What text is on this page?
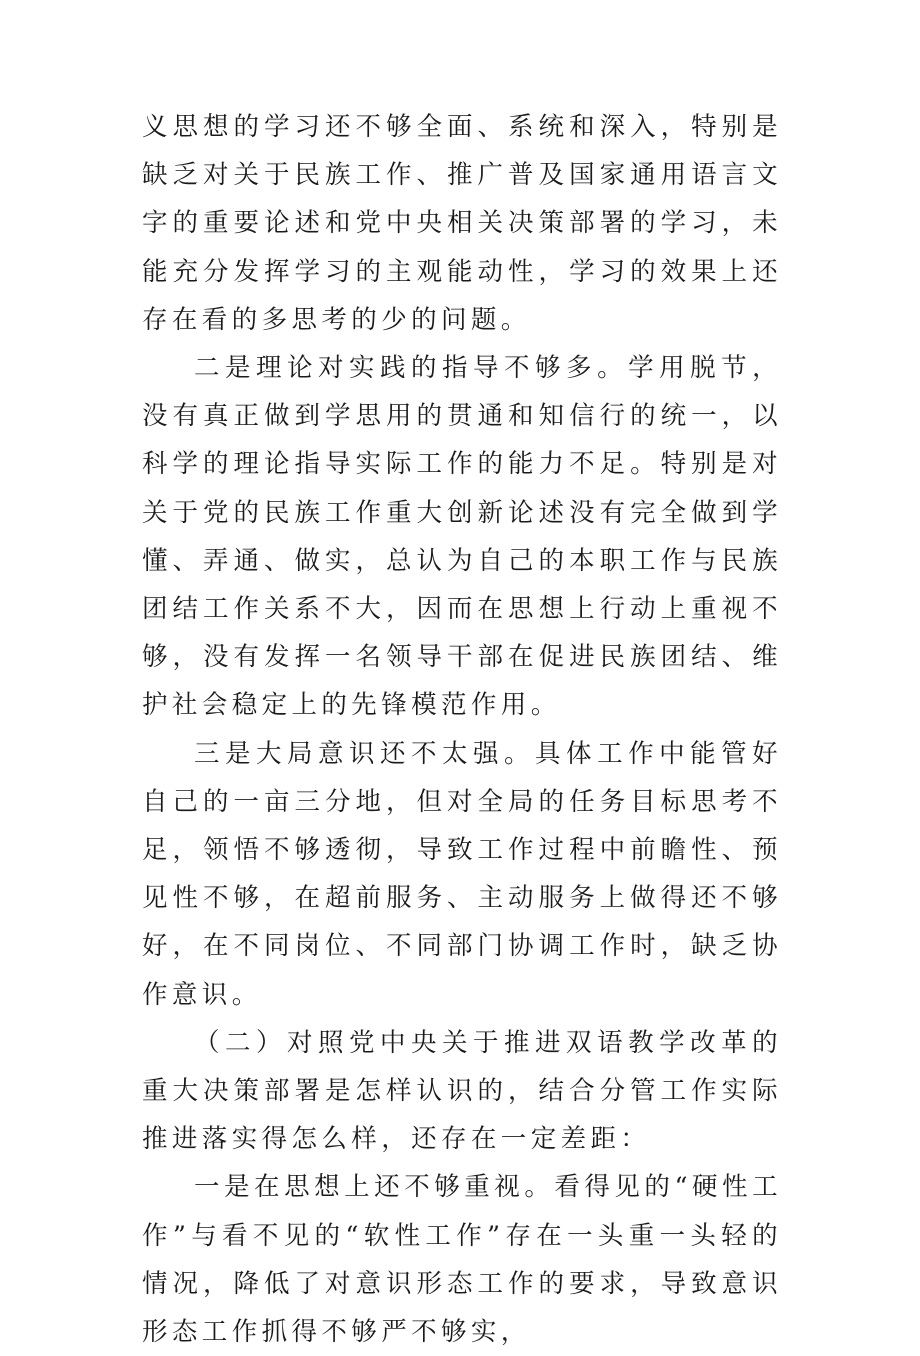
义思想的学习还不够全面、系统和深入，特别是缺乏对关于民族工作、推广普及国家通用语言文字的重要论述和党中央相关决策部署的学习，未能充分发挥学习的主观能动性，学习的效果上还存在看的多思考的少的问题。

二是理论对实践的指导不够多。学用脱节，没有真正做到学思用的贯通和知信行的统一，以科学的理论指导实际工作的能力不足。特别是对关于党的民族工作重大创新论述没有完全做到学懂、弄通、做实，总认为自己的本职工作与民族团结工作关系不大，因而在思想上行动上重视不够，没有发挥一名领导干部在促进民族团结、维护社会稳定上的先锋模范作用。

三是大局意识还不太强。具体工作中能管好自己的一亩三分地，但对全局的任务目标思考不足，领悟不够透彻，导致工作过程中前瞻性、预见性不够，在超前服务、主动服务上做得还不够好，在不同岗位、不同部门协调工作时，缺乏协作意识。

（二）对照党中央关于推进双语教学改革的重大决策部署是怎样认识的，结合分管工作实际推进落实得怎么样，还存在一定差距：

一是在思想上还不够重视。看得见的“硬性工作”与看不见的“软性工作”存在一头重一头轻的情况，降低了对意识形态工作的要求，导致意识形态工作抓得不够严不够实，
